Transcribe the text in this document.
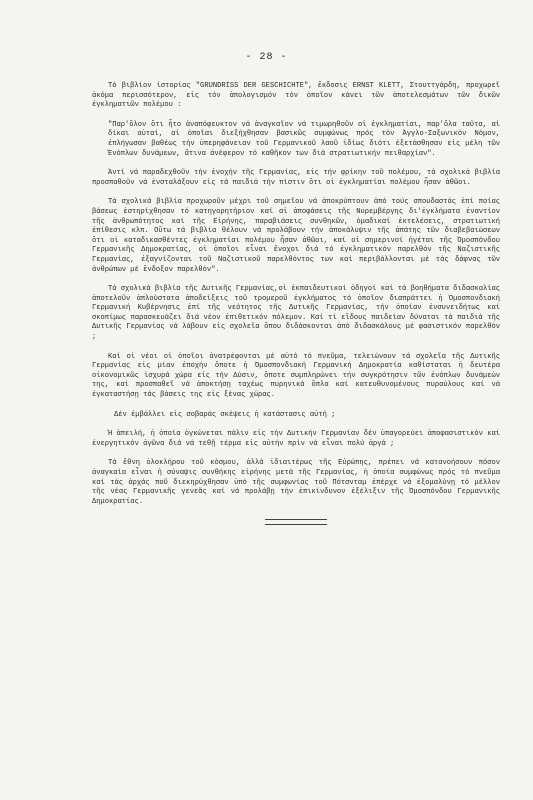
- 28 -

Τό βιβλίον ἱστορίας "GRUNDRISS DER GESCHICHTE", ἔκδοσις ERNST KLETT, Στουττγάρδη, προχωρεῖ ἀκόμα περισσότερον, εἰς τόν ἀπολογισμόν τόν ὁποῖον κάνει τῶν ἀποτελεσμάτων τῶν δικῶν ἐγκληματιῶν πολέμου :

"Παρ'ὅλον ὅτι ἦτο ἀναπόφευκτον νά ἀναγκαῖον νά τιμωρηθοῦν οἱ ἐγκληματίαι, παρ'ὅλα ταῦτα, αἱ δίκαι αὐταί, αἱ ὁποῖαι διεξήχθησαν βασικῶς συμφώνως πρός τόν Ἀγγλο-Σαξωνικόν Νόμον, ἐπλήγωσαν βαθέως τήν ὑπερηφάνειαν τοῦ Γερμανικοῦ λαοῦ ἰδίως διότι ἐξετάσθησαν εἰς μέλη τῶν Ἐνόπλων δυνάμεων, ἅτινα ἀνέφερον τό καθῆκον των διά στρατιωτικήν πειθαρχίαν".

Ἀντί νά παραδεχθοῦν τήν ἐνοχήν τῆς Γερμανίας, εἰς τήν φρίκην τοῦ πολέμου, τά σχολικά βιβλία προσπαθοῦν νά ἐνσταλάξουν εἰς τά παιδιά τήν πίστιν ὅτι οἱ ἐγκληματίαι πολέμου ἦσαν ἀθῶοι.

Τά σχολικά βιβλία προχωροῦν μέχρι τοῦ σημεῖου νά ἀποκρύπτουν ἀπό τούς σπουδαστάς ἐπί ποίας βάσεως ἐστηρίχθησαν τό κατηγορητήριον καί αἱ ἀποφάσεις τῆς Νυρεμβέργης δι'ἐγκλήματα ἐναντίον τῆς ἀνθρωπότητος καί τῆς Εἰρήνης, παραβιάσεις συνθηκῶν, ὁμαδικαί ἐκτελέσεις, στρατιωτική ἐπίθεσις κλπ. Οὕτω τά βιβλία θέλουν νά προλάβουν τήν ἀποκάλυψιν τῆς ἀπάτης τῶν διαβεβαιώσεων ὅτι οἱ καταδικασθέντες ἐγκληματίαι πολέμου ἦσαν ἀθῶοι, καί οἱ σημερινοί ἡγέται τῆς Ὁμοσπόνδου Γερμανικῆς Δημοκρατίας, οἱ ὁποῖοι εἶναι ἔνοχοι διά τό ἐγκληματικόν παρελθόν τῆς Ναζιστικῆς Γερμανίας, ἐξαγνίζονται τοῦ Ναζιστικοῦ παρελθόντος των καί περιβάλλονται μέ τάς δάφνας τῶν ἀνθρώπων μέ ἔνδοξον παρελθόν".

Τά σχολικά βιβλία τῆς Δυτικῆς Γερμανίας,οἱ ἐκπαιδευτικοί ὁδηγοί καί τά βοηθήματα διδασκαλίας ἀποτελοῦν ἀπλούστατα ἀποδείξεις τοῦ τρομεροῦ ἐγκλήματος τό ὁποῖον διαπράττει ἡ Ὁμοσπονδιακή Γερμανική Κυβέρνησις ἐπί τῆς νεότητος τῆς Δυτικῆς Γερμανίας, τήν ὁποίαν ἐνσυνειδήτως καί σκοπίμως παρασκευάζει διά νέον ἐπιθετικόν πόλεμον. Καί τί εἴδους παιδείαν δύναται τά παιδιά τῆς Δυτικῆς Γερμανίας νά λάβουν εἰς σχολεῖα ὅπου διδάσκονται ἀπό διδασκάλους μέ φασιστικόν παρελθόν ;

Καί οἱ νέοι οἱ ὁποῖοι ἀνατρέφονται μέ αὐτό τό πνεῦμα, τελειώνουν τά σχολεῖα τῆς Δυτικῆς Γερμανίας εἰς μίαν ἐποχήν ὅποτε ἡ Ὁμοσπονδιακή Γερμανική Δημοκρατία καθίσταται ἡ δευτέρα οἰκονομικῶς ἰσχυρά χώρα εἰς τήν Δύσιν, ὅποτε συμπληρώνει τήν συγκρότησιν τῶν ἐνόπλων δυνάμεών της, καί προσπαθεῖ νά ἀποκτήσῃ ταχέως πυρηνικά ὅπλα καί κατευθυνομένους πυραύλους καί νά ἐγκαταστήσῃ τάς βάσεις της εἰς ξένας χώρας.

Δέν ἐμβάλλει εἰς σοβαράς σκέψεις ἡ κατάστασις αὐτή ;

Ἡ ἀπειλή, ἡ ὁποία ὀγκώνεται πάλιν εἰς τήν Δυτικήν Γερμανίαν δέν ὑπαγορεύει ἀποφασιστικόν καί ἐνεργητικόν ἀγῶνα διά νά τεθῇ τέρμα εἰς αὐτήν πρίν νά εἶναι πολύ ἀργά ;

Τά ἔθνη ὁλοκλήρου τοῦ κόσμου, ἀλλά ἰδιαιτέρως τῆς Εὐρώπης, πρέπει νά κατανοήσουν πόσον ἀναγκαία εἶναι ἡ σύναψις συνθήκης εἰρήνης μετά τῆς Γερμανίας, ἡ ὁποία συμφώνως πρός τό πνεῦμα καί τάς ἀρχάς ποῦ διεκηρύχθησαν ὑπό τῆς συμφωνίας τοῦ Πότσνταμ ἐπέρχε νά ἐξομαλύνῃ τό μέλλον τῆς νέας Γερμανικῆς γενεᾶς καί νά προλάβῃ τήν ἐπικίνδυνον ἐξέλιξιν τῆς Ὁμοσπόνδου Γερμανικῆς Δημοκρατίας.
